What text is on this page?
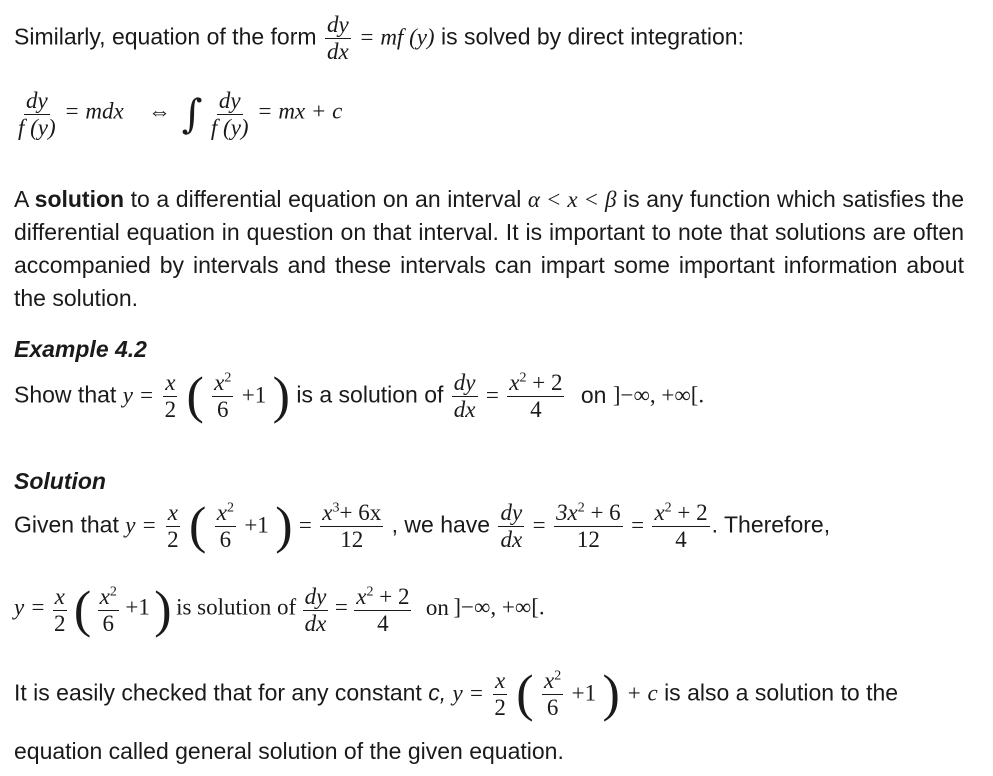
Similarly, equation of the form $\frac{dy}{dx}$ = mf (y) is solved by direct integration:
$\frac{dy}{f (y)}$ = mdx ⇔ ∫ $\frac{dy}{f (y)}$ = mx + c
A solution to a differential equation on an interval α < x < β is any function which satisfies the differential equation in question on that interval. It is important to note that solutions are often accompanied by intervals and these intervals can impart some important information about the solution.
Example 4.2
Show that $y = \frac{x}{2}$ ( $\frac{x^2}{6} +1$ ) is a solution of $\frac{dy}{dx} = \frac{x^2 + 2}{4}$ on ]−∞, +∞[.
Solution
Given that $y = \frac{x}{2}$ ( $\frac{x^2}{6} +1$ ) = $\frac{x^3+ 6x}{12}$ , we have $\frac{dy}{dx} = \frac{3x^2 + 6}{12} = \frac{x^2 + 2}{4}$ . Therefore,
$y = \frac{x}{2}$ ( $\frac{x^2}{6} +1$ ) is solution of $\frac{dy}{dx} = \frac{x^2 + 2}{4}$ on ]−∞, +∞[.
It is easily checked that for any constant c, $y = \frac{x}{2}$ ( $\frac{x^2}{6} +1$ ) + c is also a solution to the
equation called general solution of the given equation.
